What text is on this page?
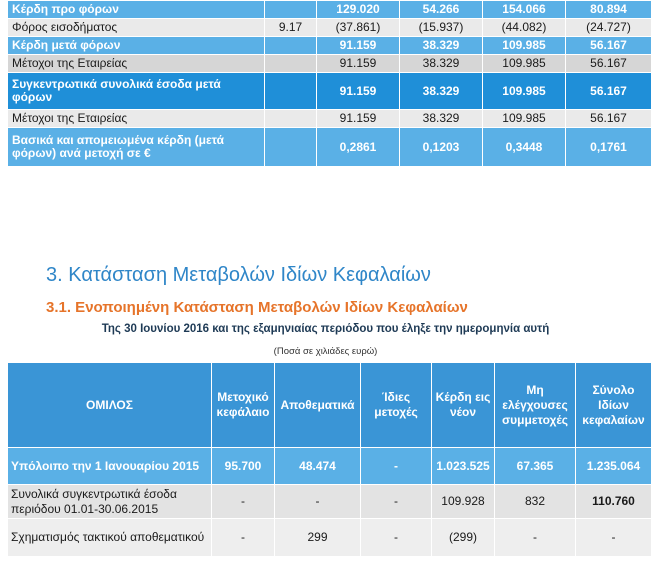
Κέρδη προ φόρων		129.020	54.266	154.066	80.894
Φόρος εισοδήματος	9.17	(37.861)	(15.937)	(44.082)	(24.727)
Κέρδη μετά φόρων		91.159	38.329	109.985	56.167
Μέτοχοι της Εταιρείας		91.159	38.329	109.985	56.167
Συγκεντρωτικά συνολικά έσοδα μετά φόρων		91.159	38.329	109.985	56.167
Μέτοχοι της Εταιρείας		91.159	38.329	109.985	56.167
Βασικά και απομειωμένα κέρδη (μετά φόρων) ανά μετοχή σε €		0,2861	0,1203	0,3448	0,1761
3. Κατάσταση Μεταβολών Ιδίων Κεφαλαίων
3.1. Ενοποιημένη Κατάσταση Μεταβολών Ιδίων Κεφαλαίων
Της 30 Ιουνίου 2016 και της εξαμηνιαίας περιόδου που έληξε την ημερομηνία αυτή
(Ποσά σε χιλιάδες ευρώ)
ΟΜΙΛΟΣ	Μετοχικό κεφάλαιο	Αποθεματικά	Ίδιες μετοχές	Κέρδη εις νέον	Μη ελέγχουσες συμμετοχές	Σύνολο Ιδίων κεφαλαίων
Υπόλοιπο την 1 Ιανουαρίου 2015	95.700	48.474	-	1.023.525	67.365	1.235.064
Συνολικά συγκεντρωτικά έσοδα περιόδου 01.01-30.06.2015	-	-	-	109.928	832	110.760
Σχηματισμός τακτικού αποθεματικού	-	299	-	(299)	-	-
